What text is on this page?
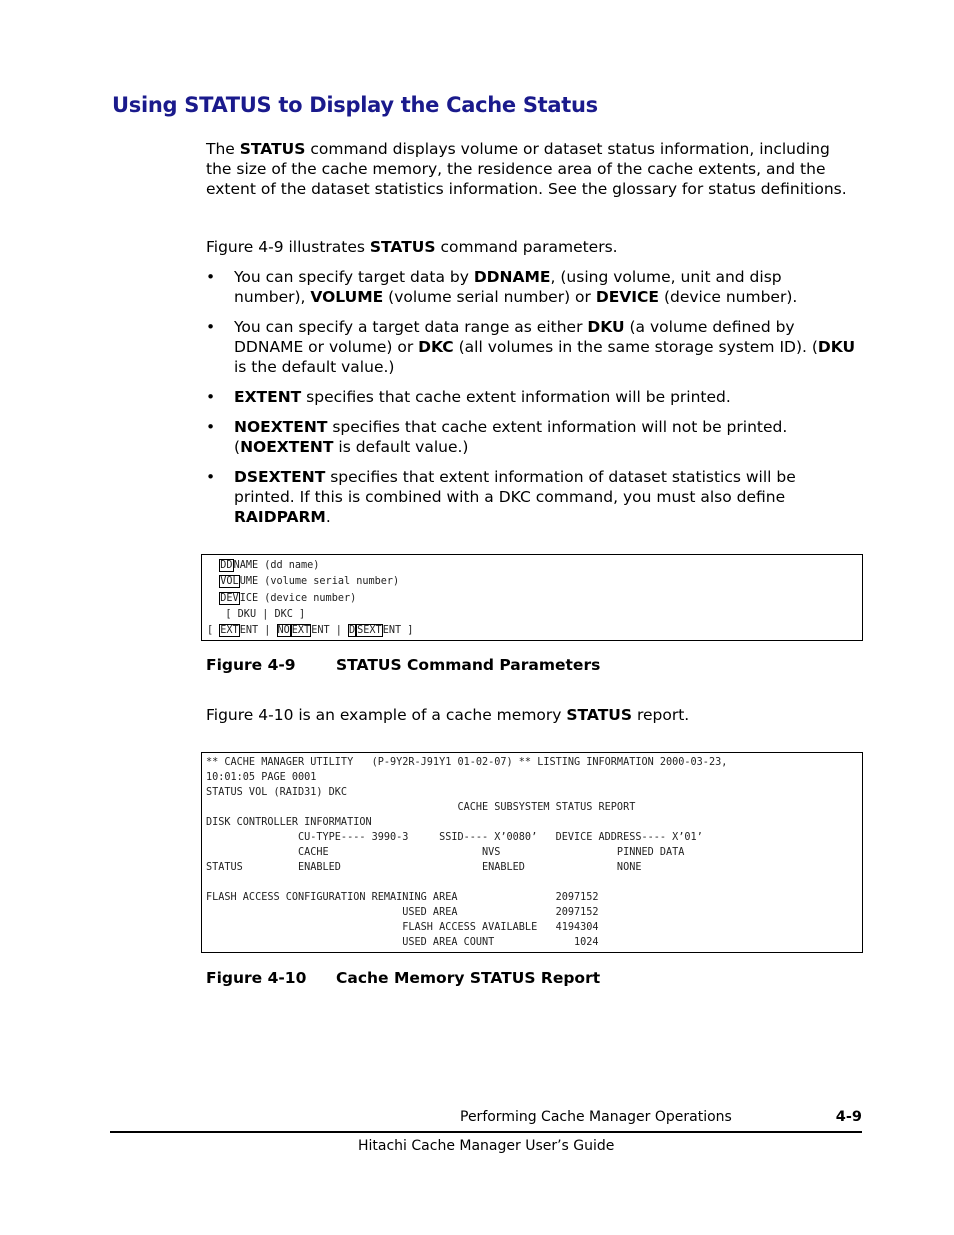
Using STATUS to Display the Cache Status
The STATUS command displays volume or dataset status information, including the size of the cache memory, the residence area of the cache extents, and the extent of the dataset statistics information. See the glossary for status definitions.
Figure 4-9 illustrates STATUS command parameters.
• You can specify target data by DDNAME, (using volume, unit and disp number), VOLUME (volume serial number) or DEVICE (device number).
• You can specify a target data range as either DKU (a volume defined by DDNAME or volume) or DKC (all volumes in the same storage system ID). (DKU is the default value.)
• EXTENT specifies that cache extent information will be printed.
• NOEXTENT specifies that cache extent information will not be printed. (NOEXTENT is default value.)
• DSEXTENT specifies that extent information of dataset statistics will be printed. If this is combined with a DKC command, you must also define RAIDPARM.
DDNAME (dd name)
VOLUME (volume serial number)
DEVICE (device number)
[ DKU | DKC ]
[ EXTENT | NO EXTENT | D SEXTENT ]
Figure 4-9	STATUS Command Parameters
Figure 4-10 is an example of a cache memory STATUS report.
** CACHE MANAGER UTILITY   (P-9Y2R-J91Y1 01-02-07) ** LISTING INFORMATION 2000-03-23,
10:01:05 PAGE 0001
STATUS VOL (RAID31) DKC
CACHE SUBSYSTEM STATUS REPORT
DISK CONTROLLER INFORMATION
CU-TYPE---- 3990-3     SSID---- X’0080’   DEVICE ADDRESS---- X’01’
CACHE                         NVS                   PINNED DATA
STATUS         ENABLED                       ENABLED               NONE
FLASH ACCESS CONFIGURATION REMAINING AREA                2097152
USED AREA                2097152
FLASH ACCESS AVAILABLE   4194304
USED AREA COUNT             1024
Figure 4-10 Cache Memory STATUS Report
Performing Cache Manager Operations	4-9
Hitachi Cache Manager User’s Guide
